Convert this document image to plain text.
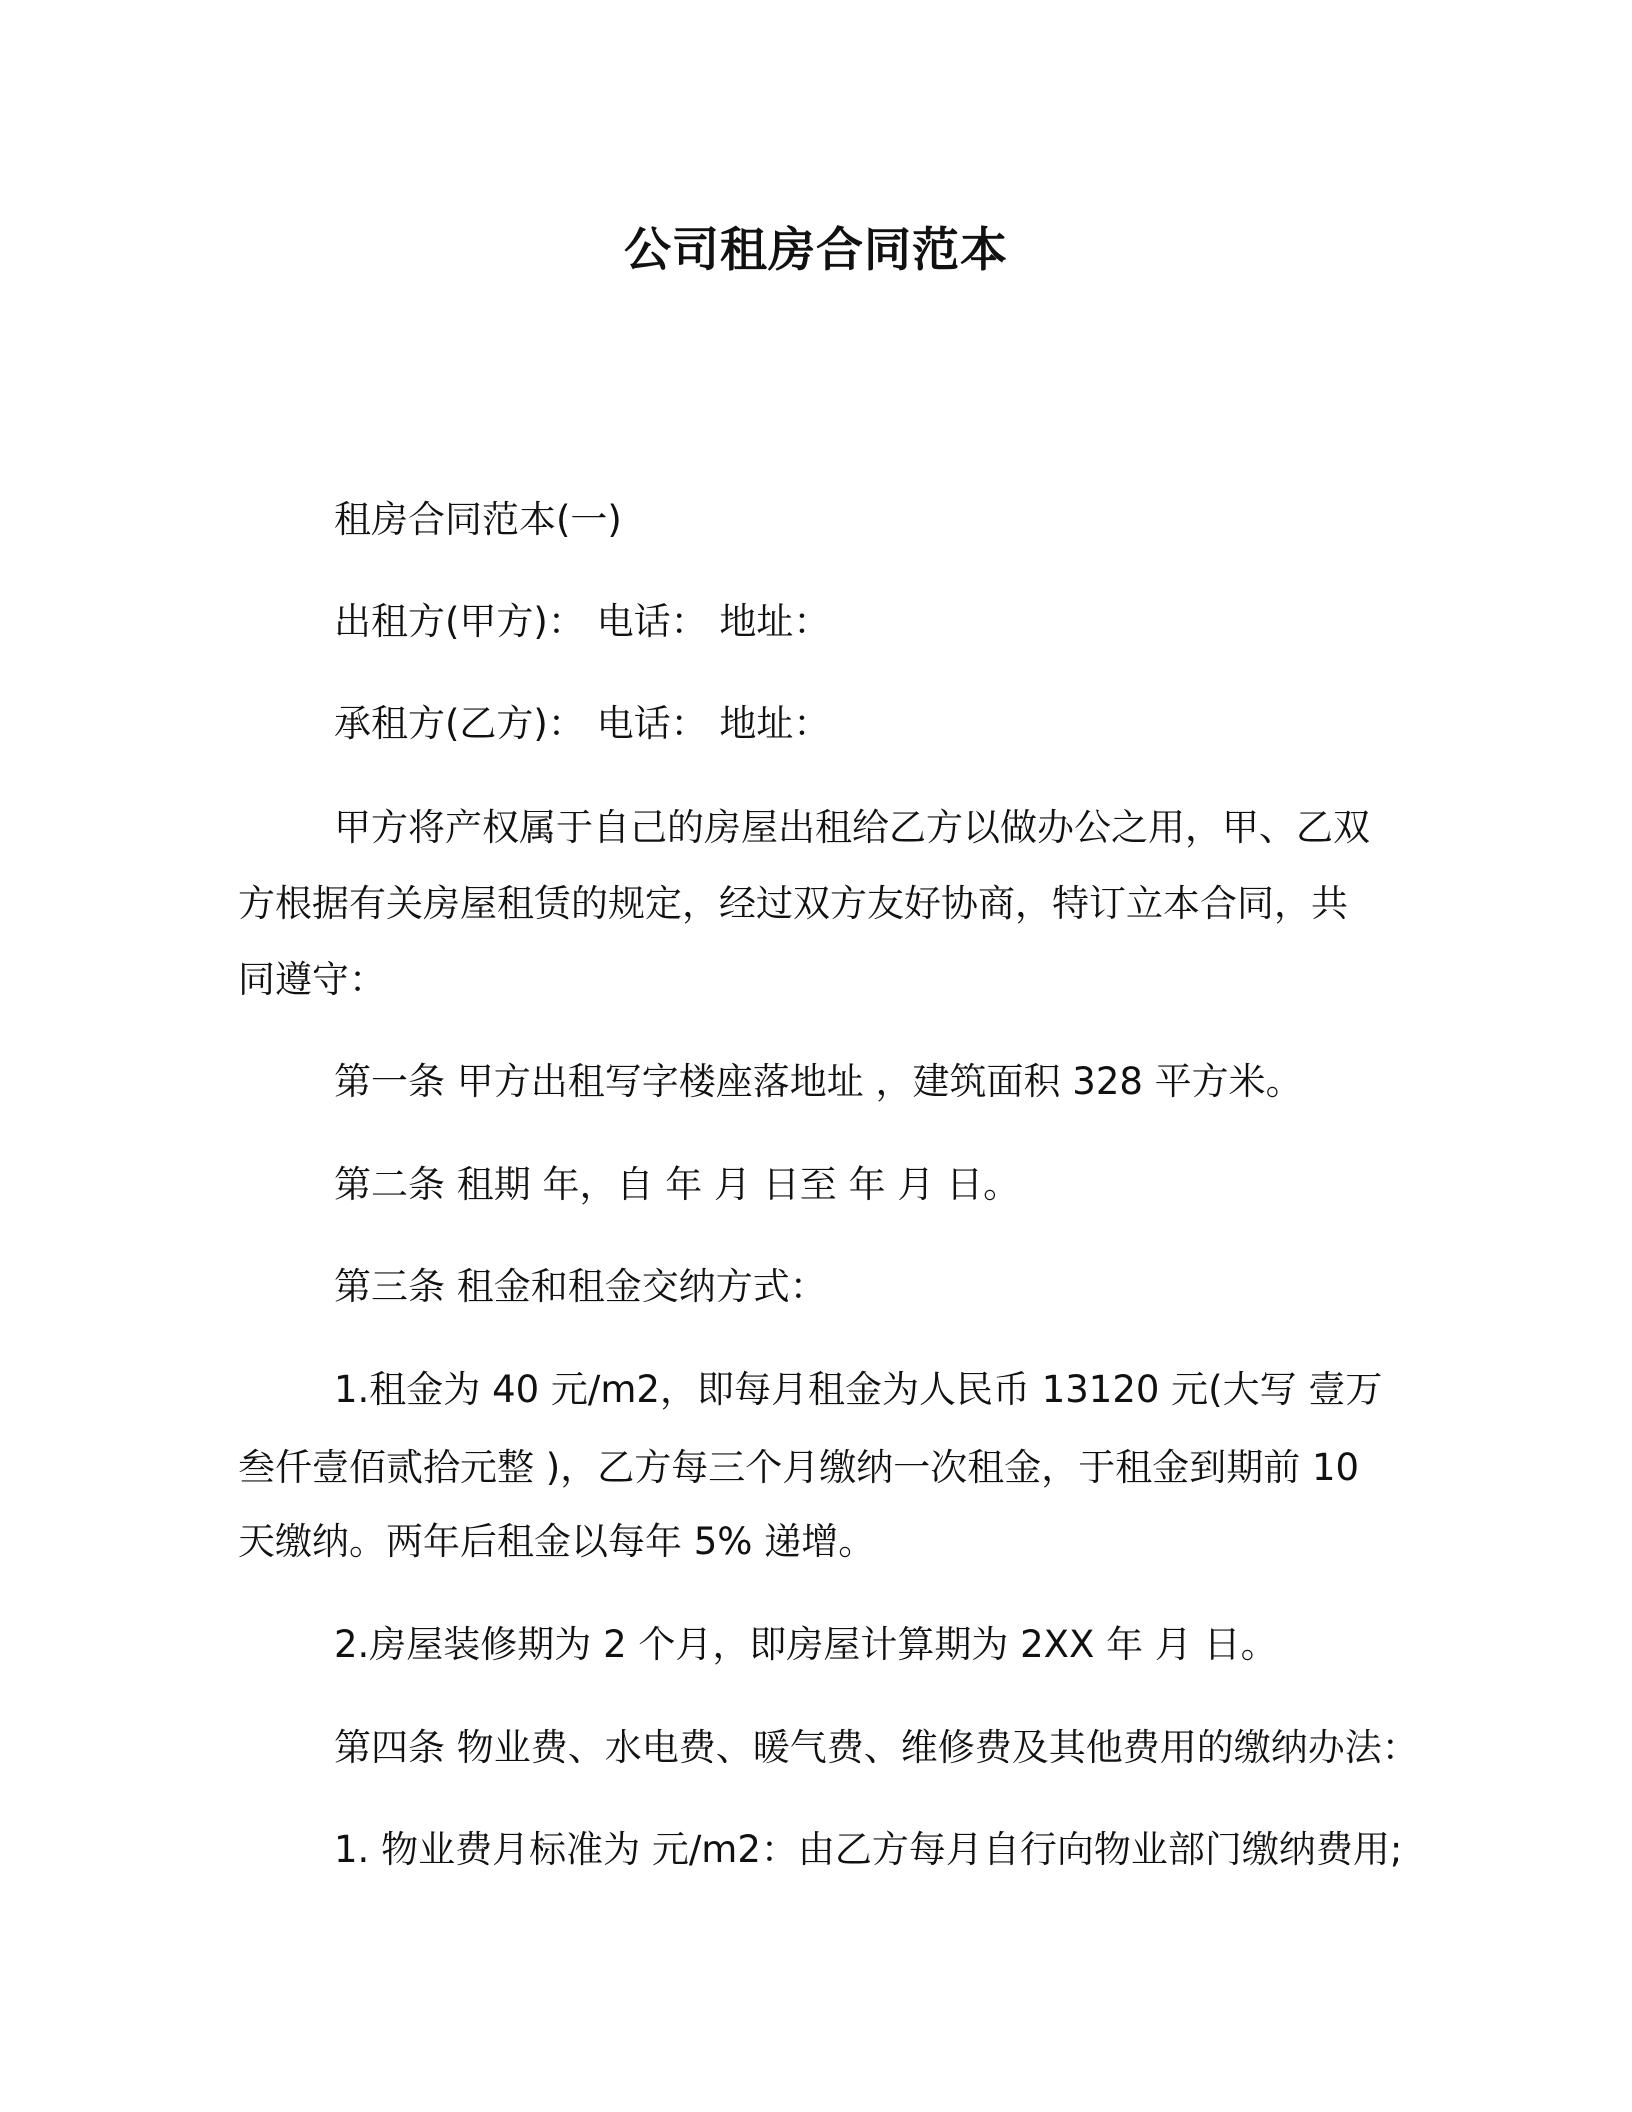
公司租房合同范本
租房合同范本(一)
出租方(甲方)： 电话： 地址：
承租方(乙方)： 电话： 地址：
甲方将产权属于自己的房屋出租给乙方以做办公之用，甲、乙双
方根据有关房屋租赁的规定，经过双方友好协商，特订立本合同，共
同遵守：
第一条 甲方出租写字楼座落地址 ，建筑面积 328 平方米。
第二条 租期 年，自 年 月 日至 年 月 日。
第三条 租金和租金交纳方式：
1.租金为 40 元/m2，即每月租金为人民币 13120 元(大写 壹万
叁仟壹佰贰拾元整 )，乙方每三个月缴纳一次租金，于租金到期前 10
天缴纳。两年后租金以每年 5% 递增。
2.房屋装修期为 2 个月，即房屋计算期为 2XX 年 月 日。
第四条 物业费、水电费、暖气费、维修费及其他费用的缴纳办法：
1. 物业费月标准为 元/m2：由乙方每月自行向物业部门缴纳费用;
